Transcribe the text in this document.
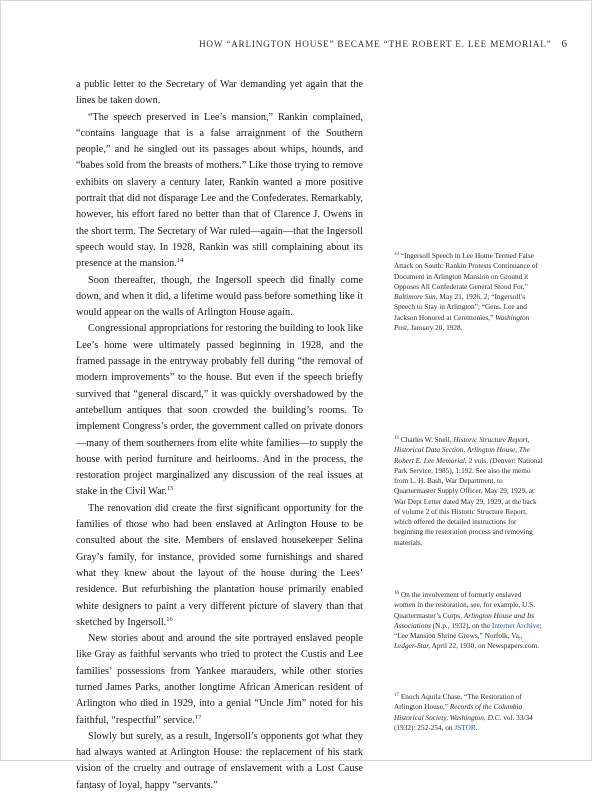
HOW “ARLINGTON HOUSE” BECAME “THE ROBERT E. LEE MEMORIAL” 6

a public letter to the Secretary of War demanding yet again that the lines be taken down.

“The speech preserved in Lee’s mansion,” Rankin complained, “contains language that is a false arraignment of the Southern people,” and he singled out its passages about whips, hounds, and “babes sold from the breasts of mothers.” Like those trying to remove exhibits on slavery a century later, Rankin wanted a more positive portrait that did not disparage Lee and the Confederates. Remarkably, however, his effort fared no better than that of Clarence J. Owens in the short term. The Secretary of War ruled—again—that the Ingersoll speech would stay. In 1928, Rankin was still complaining about its presence at the mansion.$^{14}$

Soon thereafter, though, the Ingersoll speech did finally come down, and when it did, a lifetime would pass before something like it would appear on the walls of Arlington House again.

Congressional appropriations for restoring the building to look like Lee’s home were ultimately passed beginning in 1928, and the framed passage in the entryway probably fell during “the removal of modern improvements” to the house. But even if the speech briefly survived that “general discard,” it was quickly overshadowed by the antebellum antiques that soon crowded the building’s rooms. To implement Congress’s order, the government called on private donors—many of them southerners from elite white families—to supply the house with period furniture and heirlooms. And in the process, the restoration project marginalized any discussion of the real issues at stake in the Civil War.$^{15}$

The renovation did create the first significant opportunity for the families of those who had been enslaved at Arlington House to be consulted about the site. Members of enslaved housekeeper Selina Gray’s family, for instance, provided some furnishings and shared what they knew about the layout of the house during the Lees’ residence. But refurbishing the plantation house primarily enabled white designers to paint a very different picture of slavery than that sketched by Ingersoll.$^{16}$

New stories about and around the site portrayed enslaved people like Gray as faithful servants who tried to protect the Custis and Lee families’ possessions from Yankee marauders, while other stories turned James Parks, another longtime African American resident of Arlington who died in 1929, into a genial “Uncle Jim” noted for his faithful, “respectful” service.$^{17}$

Slowly but surely, as a result, Ingersoll’s opponents got what they had always wanted at Arlington House: the replacement of his stark vision of the cruelty and outrage of enslavement with a Lost Cause fantasy of loyal, happy “servants.”

$^{14}$ “Ingersoll Speech in Lee Home Termed False Attack on South: Rankin Protests Continuance of Document in Arlington Mansion on Ground it Opposes All Confederate General Stood For,” Baltimore Sun, May 21, 1926, 2; “Ingersoll’s Speech to Stay in Arlington”; “Gens. Lee and Jackson Honored at Ceremonies,” Washington Post, January 20, 1928.

$^{15}$ Charles W. Snell, Historic Structure Report, Historical Data Section, Arlington House, The Robert E. Lee Memorial, 2 vols. (Denver: National Park Service, 1985), 1:192. See also the memo from L. H. Bash, War Department, to Quartermaster Supply Officer, May 29, 1929, at War Dept Letter dated May 29, 1929, at the back of volume 2 of this Historic Structure Report, which offered the detailed instructions for beginning the restoration process and removing materials.

$^{16}$ On the involvement of formerly enslaved women in the restoration, see, for example, U.S. Quartermaster’s Corps, Arlington House and Its Associations (N.p., 1932), on the Internet Archive; “Lee Mansion Shrine Grows,” Norfolk, Va., Ledger-Star, April 22, 1930, on Newspapers.com.

$^{17}$ Enoch Aquila Chase, “The Restoration of Arlington House,” Records of the Columbia Historical Society, Washington, D.C. vol. 33/34 (1932): 252-254, on JSTOR.
